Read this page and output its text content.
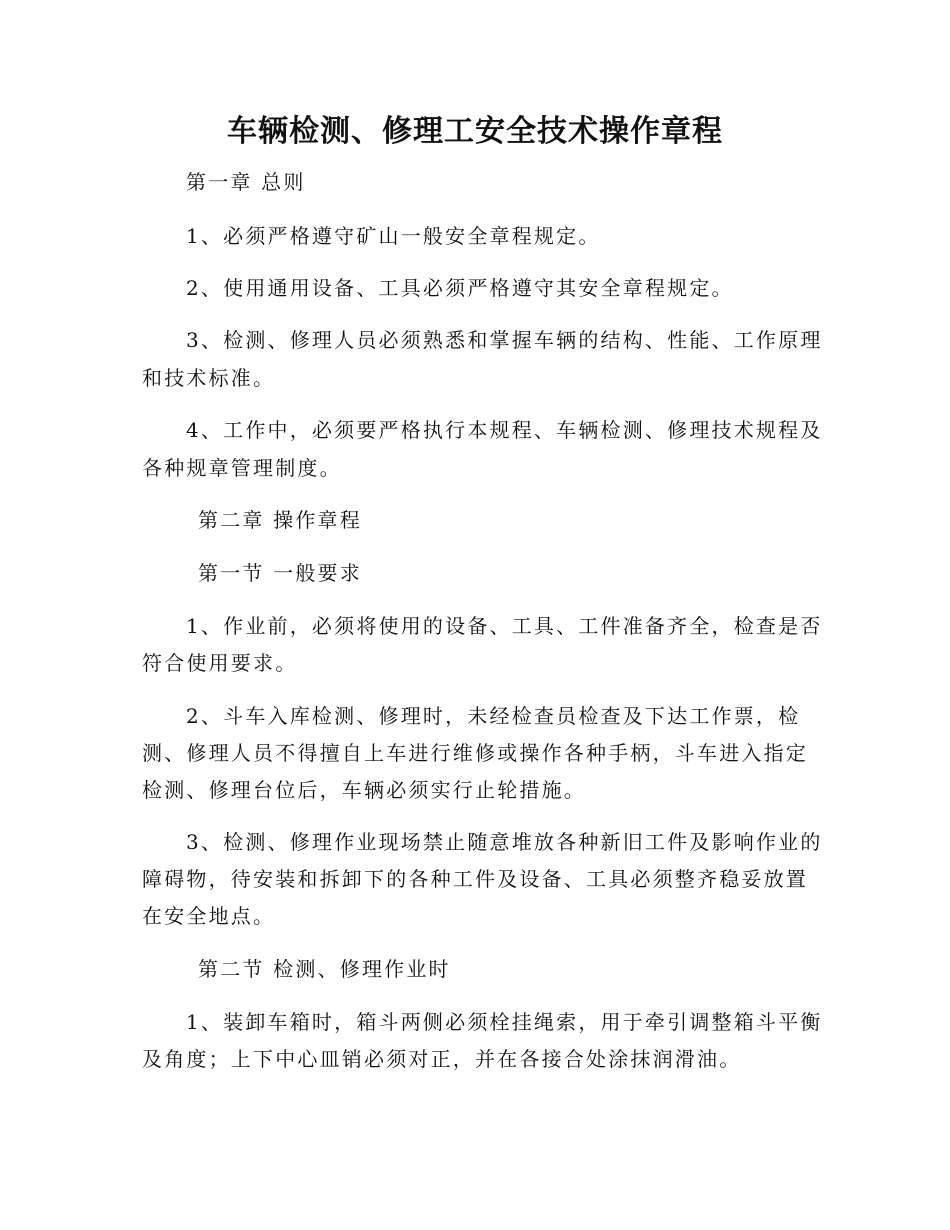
车辆检测、修理工安全技术操作章程
第一章 总则
1、必须严格遵守矿山一般安全章程规定。
2、使用通用设备、工具必须严格遵守其安全章程规定。
3、检测、修理人员必须熟悉和掌握车辆的结构、性能、工作原理
和技术标准。
4、工作中，必须要严格执行本规程、车辆检测、修理技术规程及
各种规章管理制度。
第二章 操作章程
第一节 一般要求
1、作业前，必须将使用的设备、工具、工件准备齐全，检查是否
符合使用要求。
2、斗车入库检测、修理时，未经检查员检查及下达工作票，检
测、修理人员不得擅自上车进行维修或操作各种手柄，斗车进入指定
检测、修理台位后，车辆必须实行止轮措施。
3、检测、修理作业现场禁止随意堆放各种新旧工件及影响作业的
障碍物，待安装和拆卸下的各种工件及设备、工具必须整齐稳妥放置
在安全地点。
第二节 检测、修理作业时
1、装卸车箱时，箱斗两侧必须栓挂绳索，用于牵引调整箱斗平衡
及角度；上下中心皿销必须对正，并在各接合处涂抹润滑油。
